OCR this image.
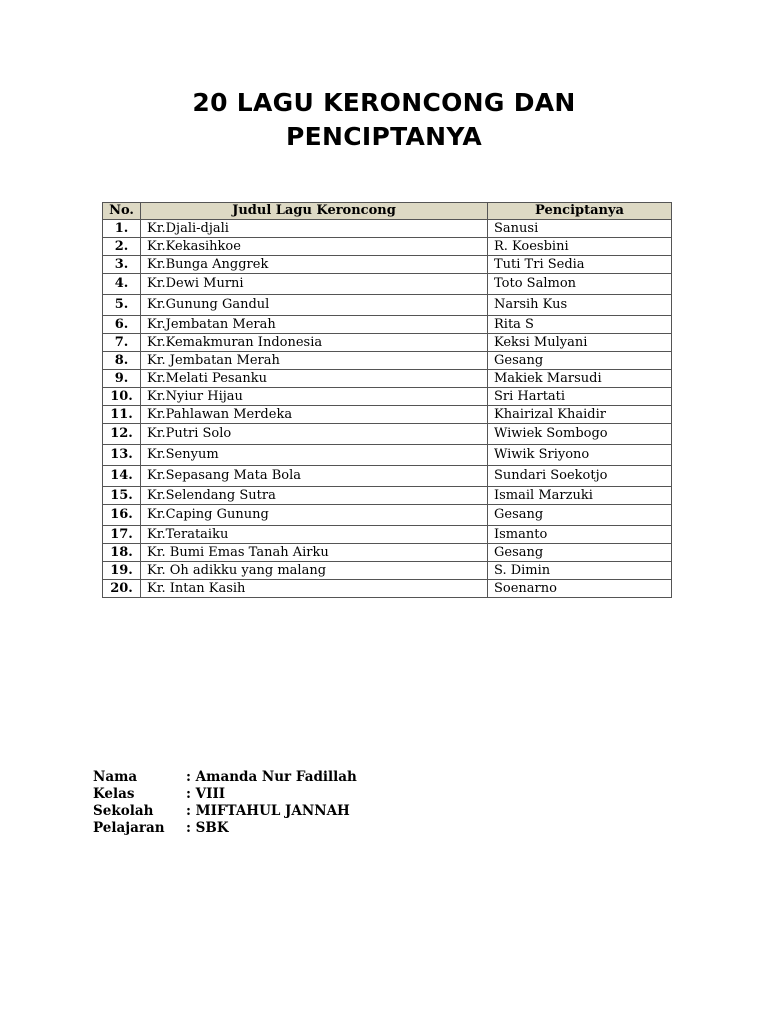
20 LAGU KERONCONG DAN
PENCIPTANYA
No.	Judul Lagu Keroncong	Penciptanya
1.	Kr.Djali-djali	Sanusi
2.	Kr.Kekasihkoe	R. Koesbini
3.	Kr.Bunga Anggrek	Tuti Tri Sedia
4.	Kr.Dewi Murni	Toto Salmon
5.	Kr.Gunung Gandul	Narsih Kus
6.	Kr.Jembatan Merah	Rita S
7.	Kr.Kemakmuran Indonesia	Keksi Mulyani
8.	Kr. Jembatan Merah	Gesang
9.	Kr.Melati Pesanku	Makiek Marsudi
10.	Kr.Nyiur Hijau	Sri Hartati
11.	Kr.Pahlawan Merdeka	Khairizal Khaidir
12.	Kr.Putri Solo	Wiwiek Sombogo
13.	Kr.Senyum	Wiwik Sriyono
14.	Kr.Sepasang Mata Bola	Sundari Soekotjo
15.	Kr.Selendang Sutra	Ismail Marzuki
16.	Kr.Caping Gunung	Gesang
17.	Kr.Terataiku	Ismanto
18.	Kr. Bumi Emas Tanah Airku	Gesang
19.	Kr. Oh adikku yang malang	S. Dimin
20.	Kr. Intan Kasih	Soenarno
Nama	: Amanda Nur Fadillah
Kelas	: VIII
Sekolah	: MIFTAHUL JANNAH
Pelajaran	: SBK
